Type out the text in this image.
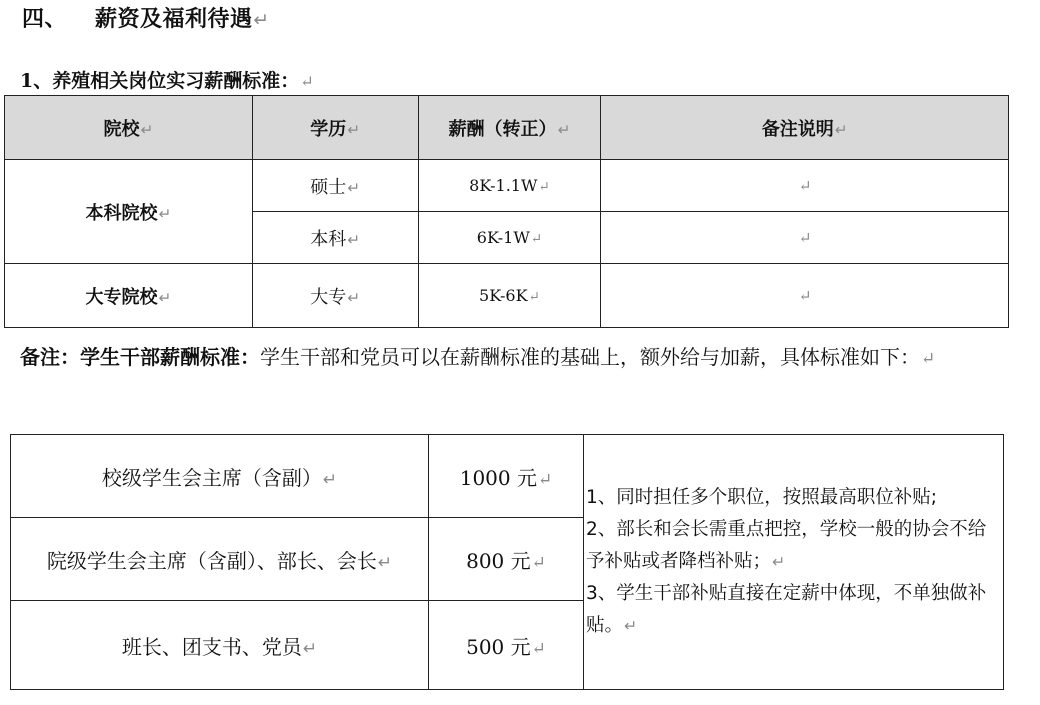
四、 薪资及福利待遇↵
1、养殖相关岗位实习薪酬标准：↵
院校↵	学历↵	薪酬（转正）↵	备注说明↵
本科院校↵	硕士↵	8K-1.1W↵	↵
	本科↵	6K-1W↵	↵
大专院校↵	大专↵	5K-6K↵	↵
备注：学生干部薪酬标准：学生干部和党员可以在薪酬标准的基础上，额外给与加薪，具体标准如下：↵
校级学生会主席（含副）↵	1000 元↵	1、同时担任多个职位，按照最高职位补贴;
2、部长和会长需重点把控，学校一般的协会不给予补贴或者降档补贴；↵
3、学生干部补贴直接在定薪中体现，不单独做补贴。↵

院级学生会主席（含副）、部长、会长↵	800 元↵	
班长、团支书、党员↵	500 元↵	
